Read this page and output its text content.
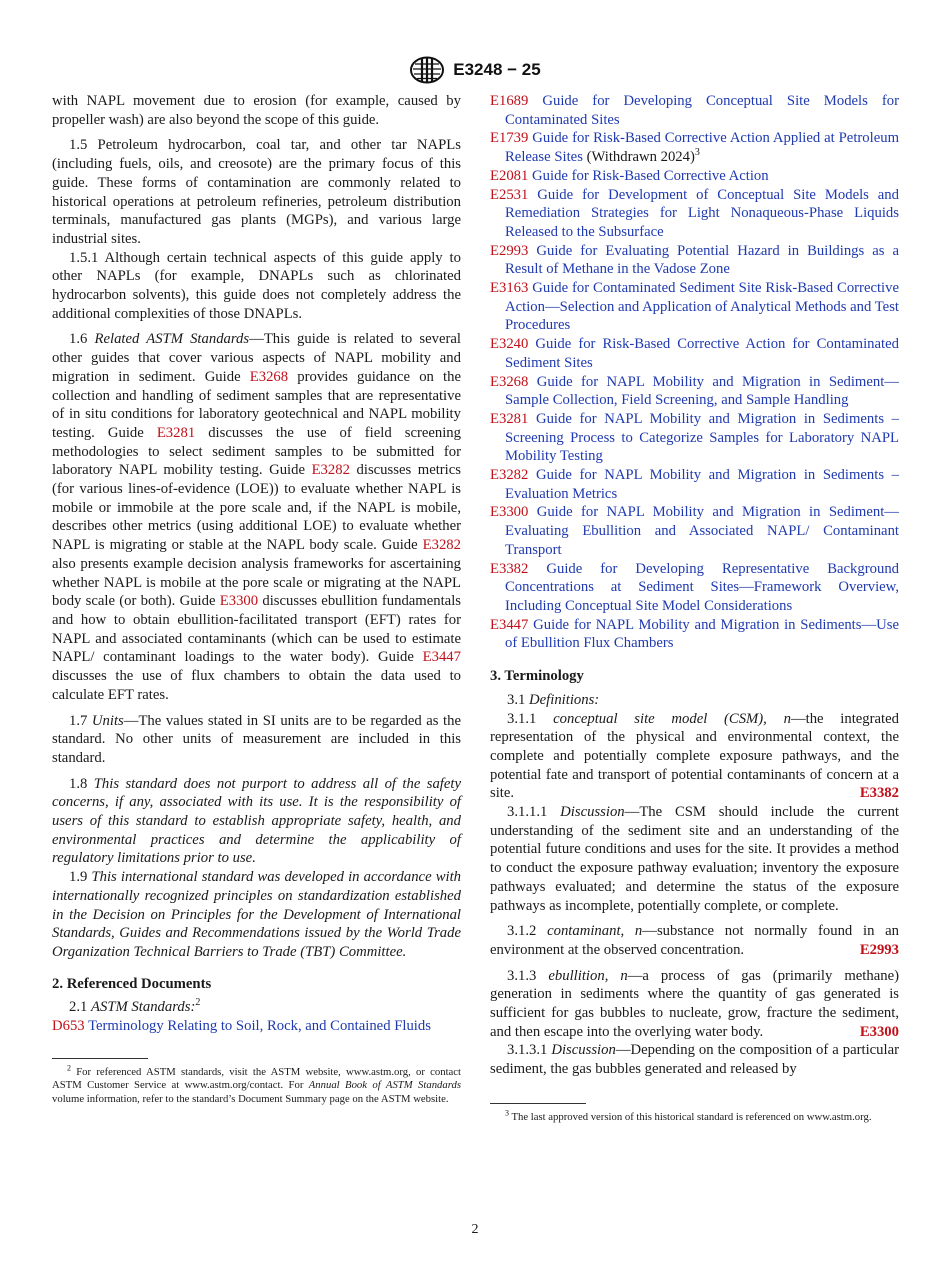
E3248 − 25

with NAPL movement due to erosion (for example, caused by propeller wash) are also beyond the scope of this guide.

1.5 Petroleum hydrocarbon, coal tar, and other tar NAPLs (including fuels, oils, and creosote) are the primary focus of this guide. These forms of contamination are commonly related to historical operations at petroleum refineries, petroleum distribution terminals, manufactured gas plants (MGPs), and various large industrial sites.

1.5.1 Although certain technical aspects of this guide apply to other NAPLs (for example, DNAPLs such as chlorinated hydrocarbon solvents), this guide does not completely address the additional complexities of those DNAPLs.

1.6 Related ASTM Standards—This guide is related to several other guides that cover various aspects of NAPL mobility and migration in sediment. Guide E3268 provides guidance on the collection and handling of sediment samples that are representative of in situ conditions for laboratory geotechnical and NAPL mobility testing. Guide E3281 discusses the use of field screening methodologies to select sediment samples to be submitted for laboratory NAPL mobility testing. Guide E3282 discusses metrics (for various lines-of-evidence (LOE)) to evaluate whether NAPL is mobile or immobile at the pore scale and, if the NAPL is mobile, describes other metrics (using additional LOE) to evaluate whether NAPL is migrating or stable at the NAPL body scale. Guide E3282 also presents example decision analysis frameworks for ascertaining whether NAPL is mobile at the pore scale or migrating at the NAPL body scale (or both). Guide E3300 discusses ebullition fundamentals and how to obtain ebullition-facilitated transport (EFT) rates for NAPL and associated contaminants (which can be used to estimate NAPL/ contaminant loadings to the water body). Guide E3447 discusses the use of flux chambers to obtain the data used to calculate EFT rates.

1.7 Units—The values stated in SI units are to be regarded as the standard. No other units of measurement are included in this standard.

1.8 This standard does not purport to address all of the safety concerns, if any, associated with its use. It is the responsibility of users of this standard to establish appropriate safety, health, and environmental practices and determine the applicability of regulatory limitations prior to use.

1.9 This international standard was developed in accordance with internationally recognized principles on standardization established in the Decision on Principles for the Development of International Standards, Guides and Recommendations issued by the World Trade Organization Technical Barriers to Trade (TBT) Committee.

2. Referenced Documents

2.1 ASTM Standards:$^2$

D653 Terminology Relating to Soil, Rock, and Contained Fluids

$^2$ For referenced ASTM standards, visit the ASTM website, www.astm.org, or contact ASTM Customer Service at www.astm.org/contact. For Annual Book of ASTM Standards volume information, refer to the standard’s Document Summary page on the ASTM website.

E1689 Guide for Developing Conceptual Site Models for Contaminated Sites

E1739 Guide for Risk-Based Corrective Action Applied at Petroleum Release Sites (Withdrawn 2024)$^3$

E2081 Guide for Risk-Based Corrective Action

E2531 Guide for Development of Conceptual Site Models and Remediation Strategies for Light Nonaqueous-Phase Liquids Released to the Subsurface

E2993 Guide for Evaluating Potential Hazard in Buildings as a Result of Methane in the Vadose Zone

E3163 Guide for Contaminated Sediment Site Risk-Based Corrective Action—Selection and Application of Analytical Methods and Test Procedures

E3240 Guide for Risk-Based Corrective Action for Contaminated Sediment Sites

E3268 Guide for NAPL Mobility and Migration in Sediment—Sample Collection, Field Screening, and Sample Handling

E3281 Guide for NAPL Mobility and Migration in Sediments – Screening Process to Categorize Samples for Laboratory NAPL Mobility Testing

E3282 Guide for NAPL Mobility and Migration in Sediments – Evaluation Metrics

E3300 Guide for NAPL Mobility and Migration in Sediment— Evaluating Ebullition and Associated NAPL/ Contaminant Transport

E3382 Guide for Developing Representative Background Concentrations at Sediment Sites—Framework Overview, Including Conceptual Site Model Considerations

E3447 Guide for NAPL Mobility and Migration in Sediments—Use of Ebullition Flux Chambers

3. Terminology

3.1 Definitions:

3.1.1 conceptual site model (CSM), n—the integrated representation of the physical and environmental context, the complete and potentially complete exposure pathways, and the potential fate and transport of potential contaminants of concern at a site.	E3382

3.1.1.1 Discussion—The CSM should include the current understanding of the sediment site and an understanding of the potential future conditions and uses for the site. It provides a method to conduct the exposure pathway evaluation; inventory the exposure pathways evaluated; and determine the status of the exposure pathways as incomplete, potentially complete, or complete.

3.1.2 contaminant, n—substance not normally found in an environment at the observed concentration.	E2993

3.1.3 ebullition, n—a process of gas (primarily methane) generation in sediments where the quantity of gas generated is sufficient for gas bubbles to nucleate, grow, fracture the sediment, and then escape into the overlying water body.	E3300

3.1.3.1 Discussion—Depending on the composition of a particular sediment, the gas bubbles generated and released by

$^3$ The last approved version of this historical standard is referenced on www.astm.org.

2
